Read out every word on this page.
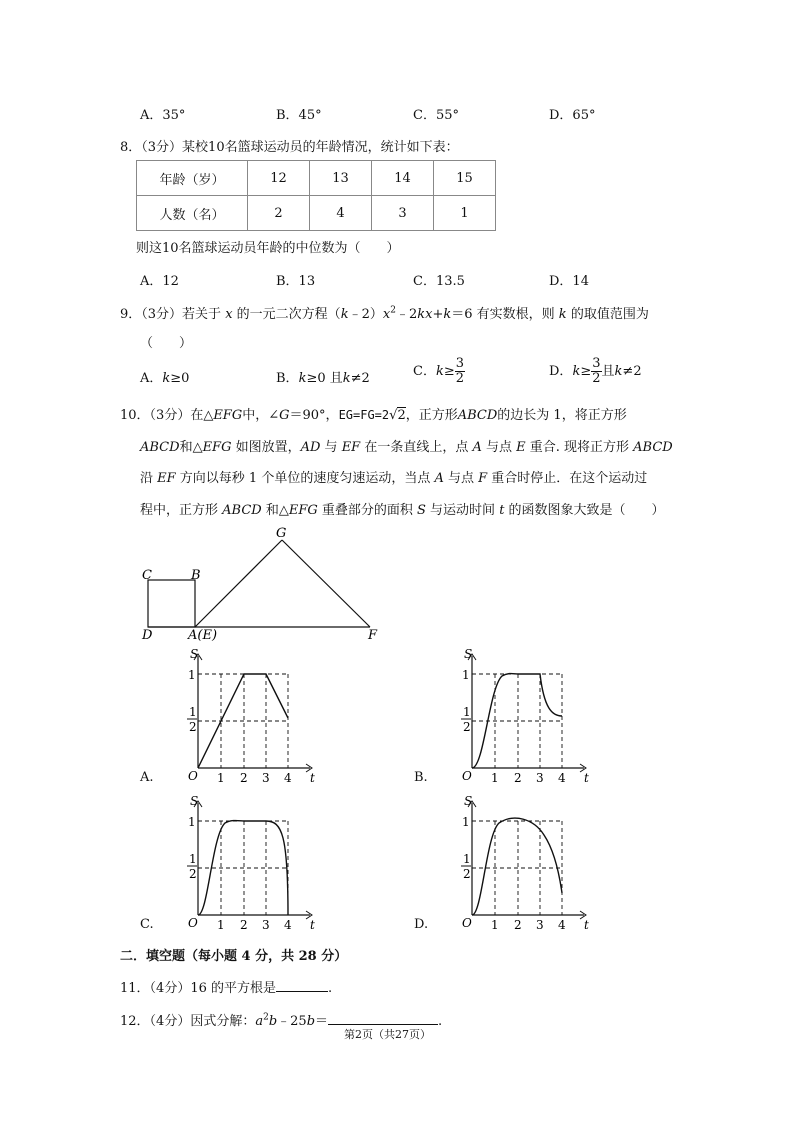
A．35°	B．45°	C．55°	D．65°
8．（3分）某校10名篮球运动员的年龄情况，统计如下表：
年龄（岁）	12	13	14	15
人数（名）	2	4	3	1
则这10名篮球运动员年龄的中位数为（　　）
A．12	B．13	C．13.5	D．14
9．（3分）若关于 x 的一元二次方程$(k﹣2)x^2﹣2kx+k=6$ 有实数根，则 k 的取值范围为
（　　）
A．k≥0	B．k≥0 且k≠2	C．$k\ge \frac{3}{2}$	D．$k\ge \frac{3}{2}$ 且k≠2
10．（3分）在△EFG中，∠G＝90°，EG=FG=2√2，正方形ABCD的边长为 1，将正方形
ABCD和△EFG 如图放置，AD 与 EF 在一条直线上，点 A 与点 E 重合. 现将正方形 ABCD
沿 EF 方向以每秒 1 个单位的速度匀速运动，当点 A 与点 F 重合时停止．在这个运动过
程中，正方形 ABCD 和△EFG 重叠部分的面积 S 与运动时间 t 的函数图象大致是（　　）
C	B
D	A(E)	F
G
S
t
O
1
1
2
1 2 3 4
A.
S
t
O
1
1
2
1 2 3 4
B.
S
t
O
1
1
2
1 2 3 4
C.
S
t
O
1
1
2
1 2 3 4
D.
二．填空题（每小题 4 分，共 28 分）
11．（4分）16 的平方根是	.
12．（4分）因式分解：$a^2b﹣25b=$	.
第2页（共27页）
